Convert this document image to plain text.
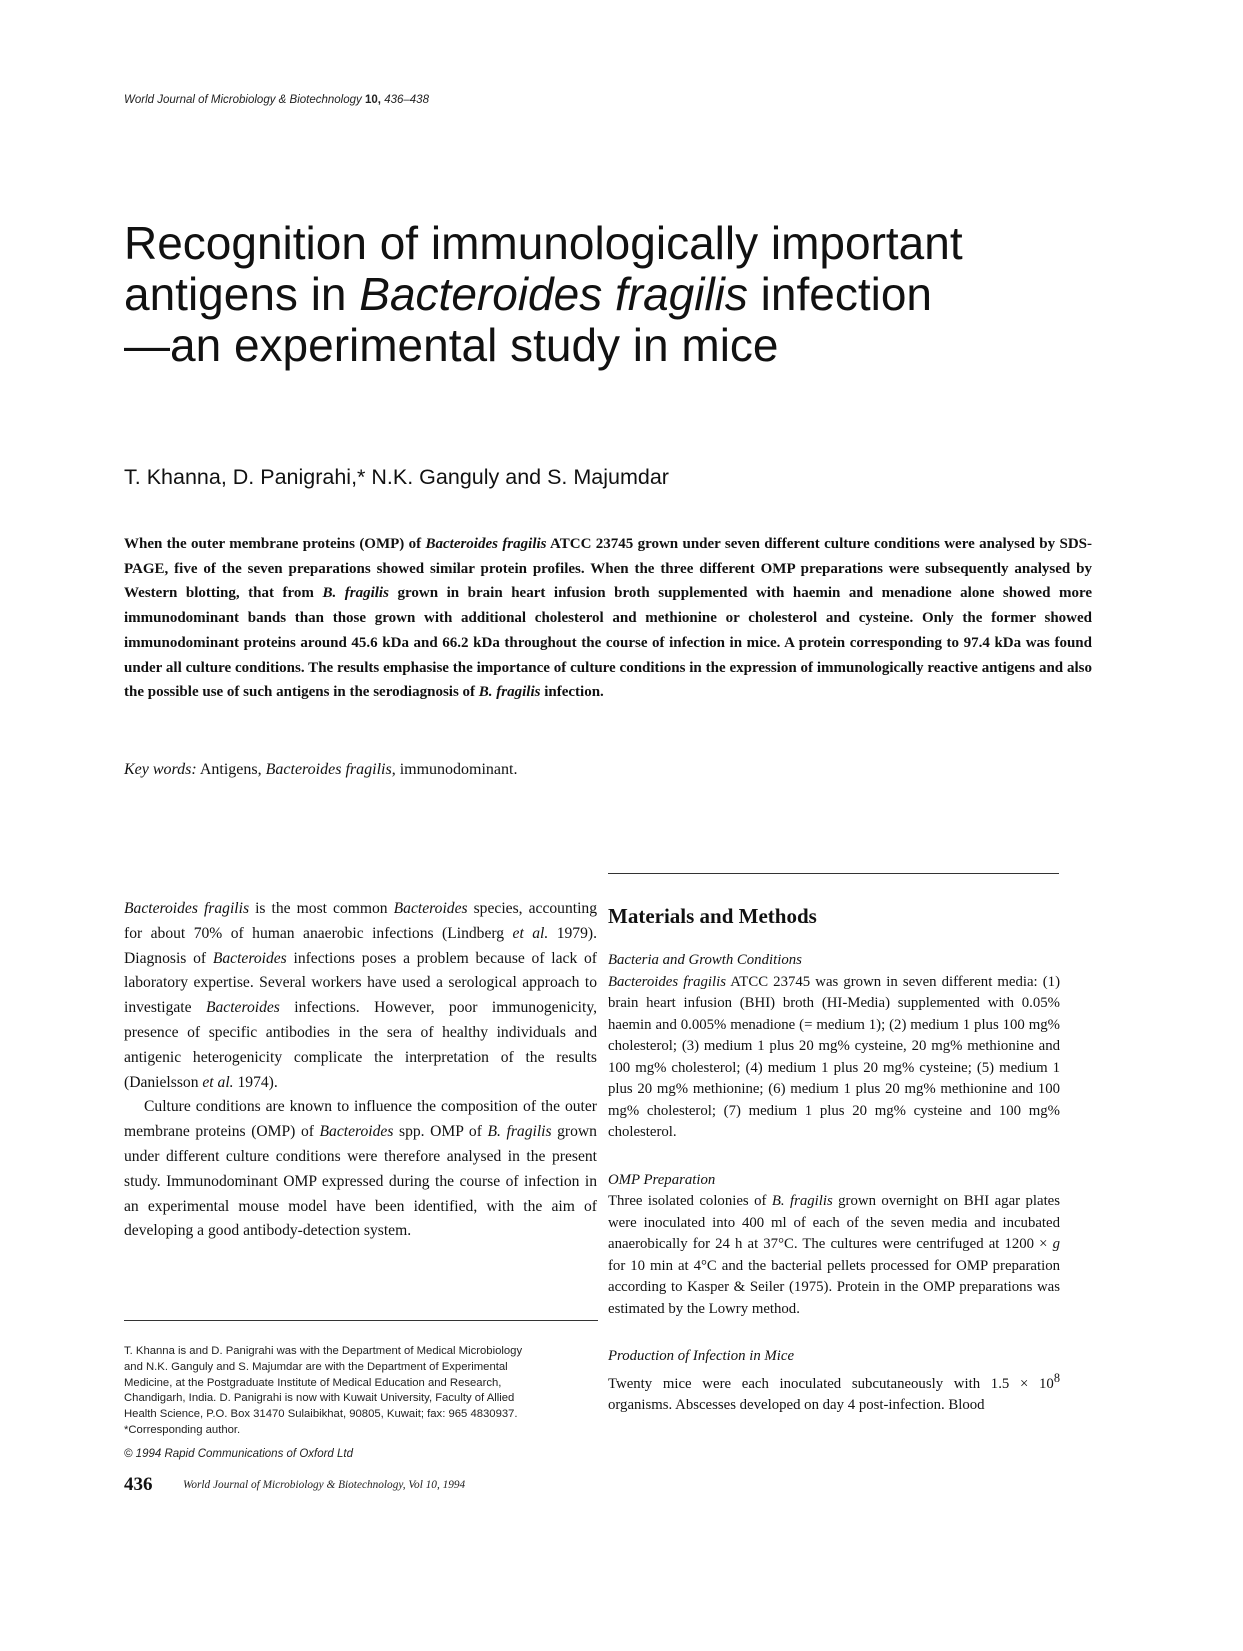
World Journal of Microbiology & Biotechnology 10, 436–438
Recognition of immunologically important
antigens in Bacteroides fragilis infection
—an experimental study in mice
T. Khanna, D. Panigrahi,* N.K. Ganguly and S. Majumdar

When the outer membrane proteins (OMP) of Bacteroides fragilis ATCC 23745 grown under seven different culture conditions were analysed by SDS-PAGE, five of the seven preparations showed similar protein profiles. When the three different OMP preparations were subsequently analysed by Western blotting, that from B. fragilis grown in brain heart infusion broth supplemented with haemin and menadione alone showed more immunodominant bands than those grown with additional cholesterol and methionine or cholesterol and cysteine. Only the former showed immunodominant proteins around 45.6 kDa and 66.2 kDa throughout the course of infection in mice. A protein corresponding to 97.4 kDa was found under all culture conditions. The results emphasise the importance of culture conditions in the expression of immunologically reactive antigens and also the possible use of such antigens in the serodiagnosis of B. fragilis infection.

Key words: Antigens, Bacteroides fragilis, immunodominant.

Bacteroides fragilis is the most common Bacteroides species, accounting for about 70% of human anaerobic infections (Lindberg et al. 1979). Diagnosis of Bacteroides infections poses a problem because of lack of laboratory expertise. Several workers have used a serological approach to investigate Bacteroides infections. However, poor immunogenicity, presence of specific antibodies in the sera of healthy individuals and antigenic heterogenicity complicate the interpretation of the results (Danielsson et al. 1974).

Culture conditions are known to influence the composition of the outer membrane proteins (OMP) of Bacteroides spp. OMP of B. fragilis grown under different culture conditions were therefore analysed in the present study. Immunodominant OMP expressed during the course of infection in an experimental mouse model have been identified, with the aim of developing a good antibody-detection system.

T. Khanna is and D. Panigrahi was with the Department of Medical Microbiology
and N.K. Ganguly and S. Majumdar are with the Department of Experimental
Medicine, at the Postgraduate Institute of Medical Education and Research,
Chandigarh, India. D. Panigrahi is now with Kuwait University, Faculty of Allied
Health Science, P.O. Box 31470 Sulaibikhat, 90805, Kuwait; fax: 965 4830937.
*Corresponding author.

© 1994 Rapid Communications of Oxford Ltd
436	World Journal of Microbiology & Biotechnology, Vol 10, 1994
Materials and Methods

Bacteria and Growth Conditions

Bacteroides fragilis ATCC 23745 was grown in seven different media: (1) brain heart infusion (BHI) broth (HI-Media) supplemented with 0.05% haemin and 0.005% menadione (= medium 1); (2) medium 1 plus 100 mg% cholesterol; (3) medium 1 plus 20 mg% cysteine, 20 mg% methionine and 100 mg% cholesterol; (4) medium 1 plus 20 mg% cysteine; (5) medium 1 plus 20 mg% methionine; (6) medium 1 plus 20 mg% methionine and 100 mg% cholesterol; (7) medium 1 plus 20 mg% cysteine and 100 mg% cholesterol.

OMP Preparation

Three isolated colonies of B. fragilis grown overnight on BHI agar plates were inoculated into 400 ml of each of the seven media and incubated anaerobically for 24 h at 37°C. The cultures were centrifuged at 1200 × g for 10 min at 4°C and the bacterial pellets processed for OMP preparation according to Kasper & Seiler (1975). Protein in the OMP preparations was estimated by the Lowry method.

Production of Infection in Mice

Twenty mice were each inoculated subcutaneously with $1.5 \times 10^8$ organisms. Abscesses developed on day 4 post-infection. Blood
